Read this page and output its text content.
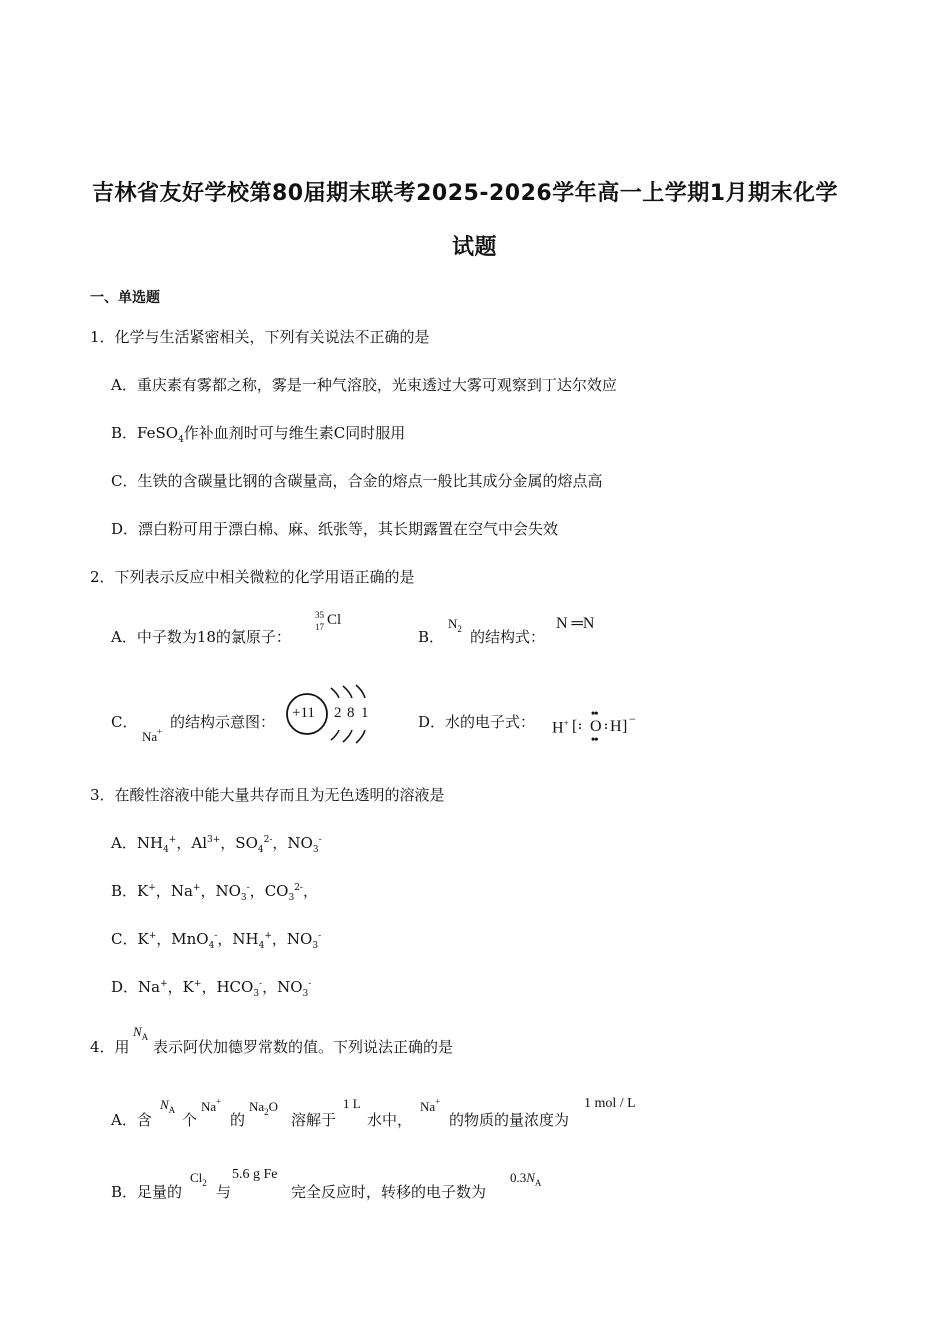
吉林省友好学校第80届期末联考2025-2026学年高一上学期1月期末化学
试题
一、单选题
1．化学与生活紧密相关，下列有关说法不正确的是
A．重庆素有雾都之称，雾是一种气溶胶，光束透过大雾可观察到丁达尔效应
B．FeSO$_4$作补血剂时可与维生素C同时服用
C．生铁的含碳量比钢的含碳量高，合金的熔点一般比其成分金属的熔点高
D．漂白粉可用于漂白棉、麻、纸张等，其长期露置在空气中会失效
2．下列表示反应中相关微粒的化学用语正确的是
A．中子数为18的氯原子：
35
17 Cl
B．
$N_2$ 的结构式：
N ═N
C．
Na+
的结构示意图： +11 2 8 1	D．水的电子式： H+ [ : O
••
••
: H ] −
3．在酸性溶液中能大量共存而且为无色透明的溶液是
A．$NH_4^+$，$Al^{3+}$，$SO_4^{2-}$，$NO_3^-$
B．K+，Na+，$NO_3^-$，$CO_3^{2-}$，
C．K+，MnO$_4$-，$NH_4^+$，$NO_3^-$
D．Na+，K+，$HCO_3^-$，$NO_3^-$
4．用
$N_A$
表示阿伏加德罗常数的值。下列说法正确的是
A．含
$N_A$
个
Na+
的
$Na_2O$
溶解于
1 L
水中，
Na+
的物质的量浓度为
1 mol / L
B．足量的
$Cl_2$ 与
5.6 g Fe
完全反应时，转移的电子数为
$0.3N_A$
